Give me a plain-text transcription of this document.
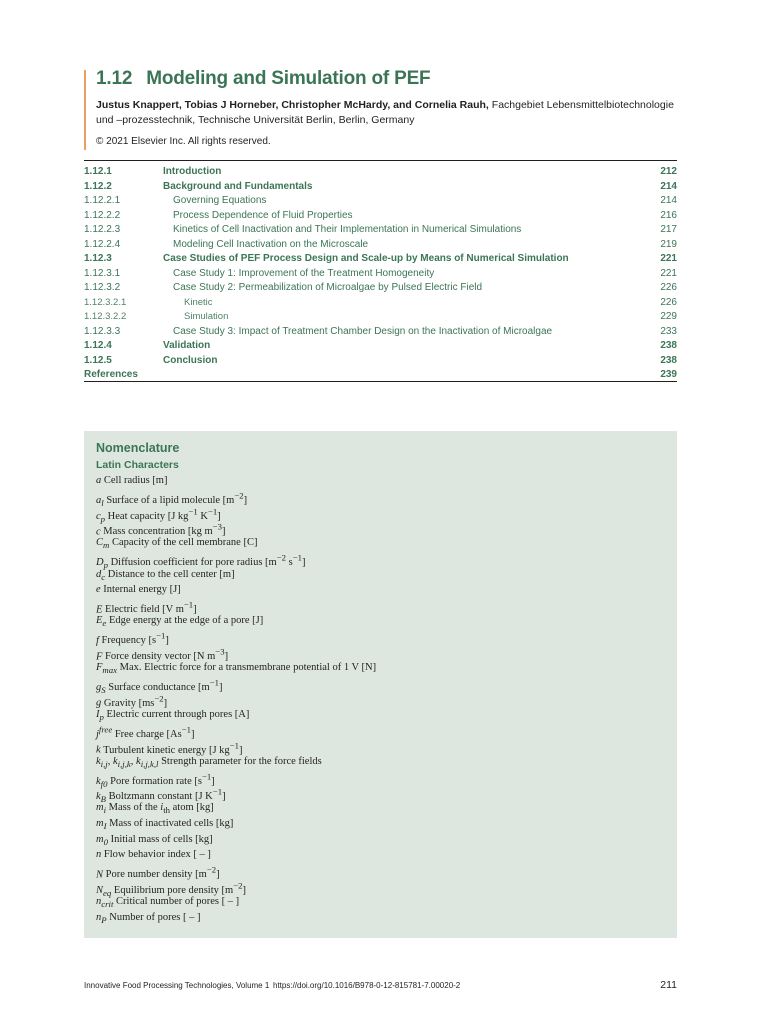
1.12 Modeling and Simulation of PEF
Justus Knappert, Tobias J Horneber, Christopher McHardy, and Cornelia Rauh, Fachgebiet Lebensmittelbiotechnologie und –prozesstechnik, Technische Universität Berlin, Berlin, Germany
© 2021 Elsevier Inc. All rights reserved.
1.12.1	Introduction	212
1.12.2	Background and Fundamentals	214
1.12.2.1	Governing Equations	214
1.12.2.2	Process Dependence of Fluid Properties	216
1.12.2.3	Kinetics of Cell Inactivation and Their Implementation in Numerical Simulations	217
1.12.2.4	Modeling Cell Inactivation on the Microscale	219
1.12.3	Case Studies of PEF Process Design and Scale-up by Means of Numerical Simulation	221
1.12.3.1	Case Study 1: Improvement of the Treatment Homogeneity	221
1.12.3.2	Case Study 2: Permeabilization of Microalgae by Pulsed Electric Field	226
1.12.3.2.1	Kinetic	226
1.12.3.2.2	Simulation	229
1.12.3.3	Case Study 3: Impact of Treatment Chamber Design on the Inactivation of Microalgae	233
1.12.4	Validation	238
1.12.5	Conclusion	238
References	239
Nomenclature
Latin Characters
a Cell radius [m]
$a_l$ Surface of a lipid molecule $[m^{-2}]$
$c_p$ Heat capacity [J $kg^{-1}$ $K^{-1}$]
c Mass concentration [kg $m^{-3}$]
$C_m$ Capacity of the cell membrane [C]
$D_p$ Diffusion coefficient for pore radius [$m^{-2}$ $s^{-1}$]
$d_c$ Distance to the cell center [m]
e Internal energy [J]
E Electric field [V $m^{-1}$]
$E_e$ Edge energy at the edge of a pore [J]
f Frequency $[s^{-1}]$
F Force density vector [N $m^{-3}$]
$F_{max}$ Max. Electric force for a transmembrane potential of 1 V [N]
$g_S$ Surface conductance $[m^{-1}]$
g Gravity $[ms^{-2}]$
$I_p$ Electric current through pores [A]
$j^{free}$ Free charge $[As^{-1}]$
k Turbulent kinetic energy [J $kg^{-1}$]
$k_{i,j}$, $k_{i,j,k}$, $k_{i,j,k,l}$ Strength parameter for the force fields
$k_{f0}$ Pore formation rate $[s^{-1}]$
$k_B$ Boltzmann constant [J $K^{-1}$]
$m_i$ Mass of the $i_{th}$ atom [kg]
$m_I$ Mass of inactivated cells [kg]
$m_0$ Initial mass of cells [kg]
n Flow behavior index [ – ]
N Pore number density $[m^{-2}]$
$N_{eq}$ Equilibrium pore density $[m^{-2}]$
$n_{crit}$ Critical number of pores [ – ]
$n_P$ Number of pores [ – ]
Innovative Food Processing Technologies, Volume 1 https://doi.org/10.1016/B978-0-12-815781-7.00020-2	211
